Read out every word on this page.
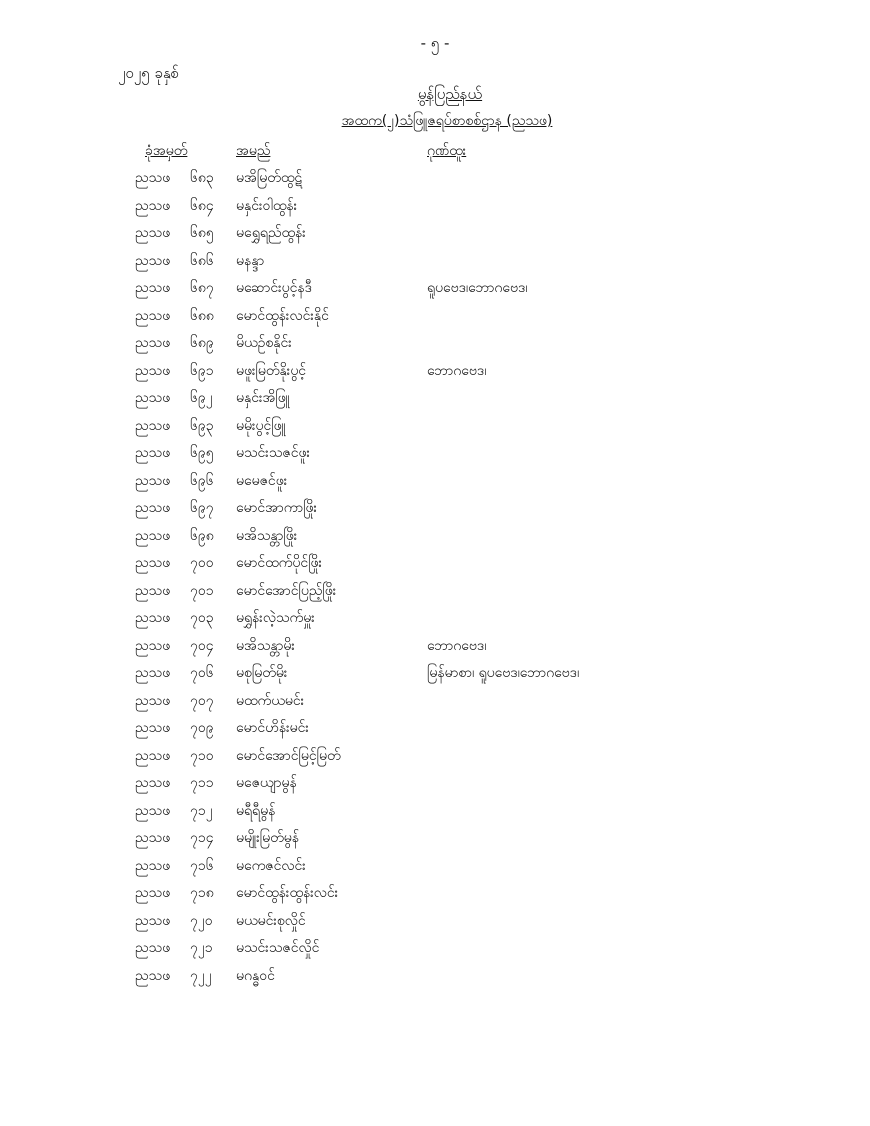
- ၅ -
၂၀၂၅ ခုနှစ်
မွန်ပြည်နယ်
အထက(၂)သံဖြူဇရပ်စာစစ်ဌာန (ညသဖ)
ခုံအမှတ်	အမည်	ဂုဏ်ထူး
ညသဖ ၆၈၃ မအိမြတ်ထွဋ်
ညသဖ ၆၈၄ မနှင်းဝါထွန်း
ညသဖ ၆၈၅ မရွှေရည်ထွန်း
ညသဖ ၆၈၆ မနန္ဒာ
ညသဖ ၆၈၇ မဆောင်းပွင့်နဒီ	ရူပဗေဒ၊ဘောဂဗေဒ၊
ညသဖ ၆၈၈ မောင်ထွန်းလင်းနိုင်
ညသဖ ၆၈၉ မိယဉ်စနိုင်း
ညသဖ ၆၉၁ မဖူးမြတ်နိုးပွင့်	ဘောဂဗေဒ၊
ညသဖ ၆၉၂ မနှင်းအိဖြူ
ညသဖ ၆၉၃ မမိုးပွင့်ဖြူ
ညသဖ ၆၉၅ မသင်းသဇင်ဖူး
ညသဖ ၆၉၆ မမေဇင်ဖူး
ညသဖ ၆၉၇ မောင်အာကာဖြိုး
ညသဖ ၆၉၈ မအိသန္တာဖြိုး
ညသဖ ၇၀၀ မောင်ထက်ပိုင်ဖြိုး
ညသဖ ၇၀၁ မောင်အောင်ပြည့်ဖြိုး
ညသဖ ၇၀၃ မရွှန်းလဲ့သက်မှူး
ညသဖ ၇၀၄ မအိသန္တာမိုး	ဘောဂဗေဒ၊
ညသဖ ၇၀၆ မစုမြတ်မိုး	မြန်မာစာ၊ ရူပဗေဒ၊ဘောဂဗေဒ၊
ညသဖ ၇၀၇ မထက်ယမင်း
ညသဖ ၇၀၉ မောင်ဟိန်းမင်း
ညသဖ ၇၁၀ မောင်အောင်မြင့်မြတ်
ညသဖ ၇၁၁ မဇေယျာမွန်
ညသဖ ၇၁၂ မရီရီမွန်
ညသဖ ၇၁၄ မမျိုးမြတ်မွန်
ညသဖ ၇၁၆ မကေဇင်လင်း
ညသဖ ၇၁၈ မောင်ထွန်းထွန်းလင်း
ညသဖ ၇၂၀ မယမင်းစုလှိုင်
ညသဖ ၇၂၁ မသင်းသဇင်လှိုင်
ညသဖ ၇၂၂ မဂန္ဓဝင်
